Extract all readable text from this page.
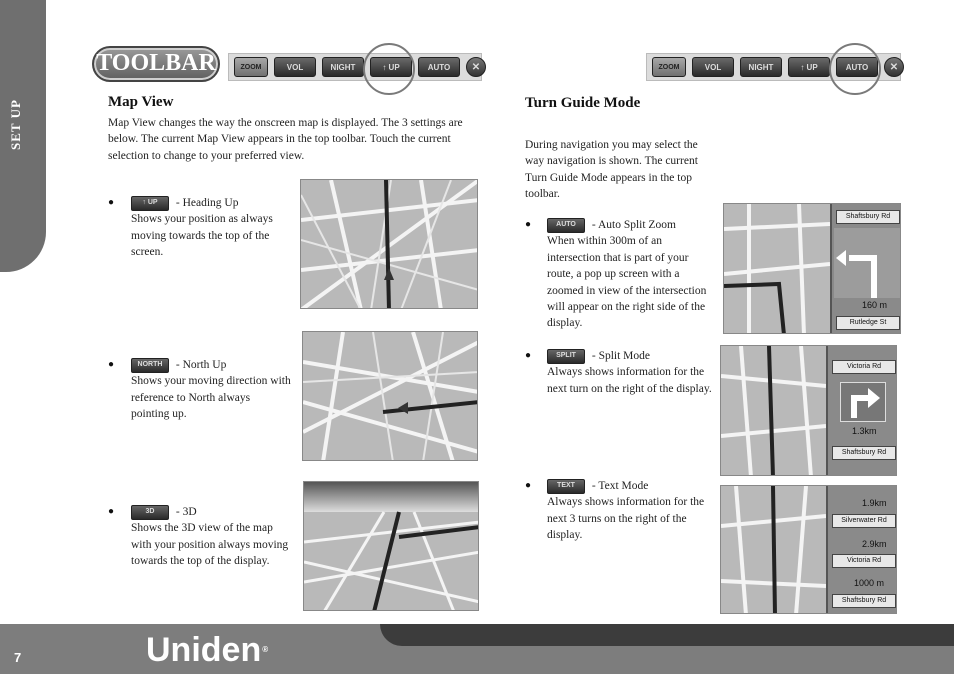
SET UP
TOOLBAR	ZOOM	VOL	NIGHT	↑ UP	AUTO	✕	ZOOM	VOL	NIGHT	↑ UP	AUTO	✕
Map View
Map View changes the way the onscreen map is displayed. The 3 settings are below. The current Map View appears in the top toolbar. Touch the current selection to change to your preferred view.
●	↑ UP - Heading Up
Shows your position as always moving towards the top of the screen.
●	NORTH - North Up
Shows your moving direction with reference to North always pointing up.
●	3D - 3D
Shows the 3D view of the map with your position always moving towards the top of the display.
Turn Guide Mode
During navigation you may select the way navigation is shown. The current Turn Guide Mode appears in the top toolbar.
●	AUTO - Auto Split Zoom
When within 300m of an intersection that is part of your route, a pop up screen with a zoomed in view of the intersection will appear on the right side of the display.
●	SPLIT - Split Mode
Always shows information for the next turn on the right of the display.
●	TEXT - Text Mode
Always shows information for the next 3 turns on the right of the display.
Shaftsbury Rd
160 m
Rutledge St
Victoria Rd
1.3km
Shaftsbury Rd
1.9km
Silverwater Rd
2.9km
Victoria Rd
1000 m
Shaftsbury Rd
7	Uniden®
